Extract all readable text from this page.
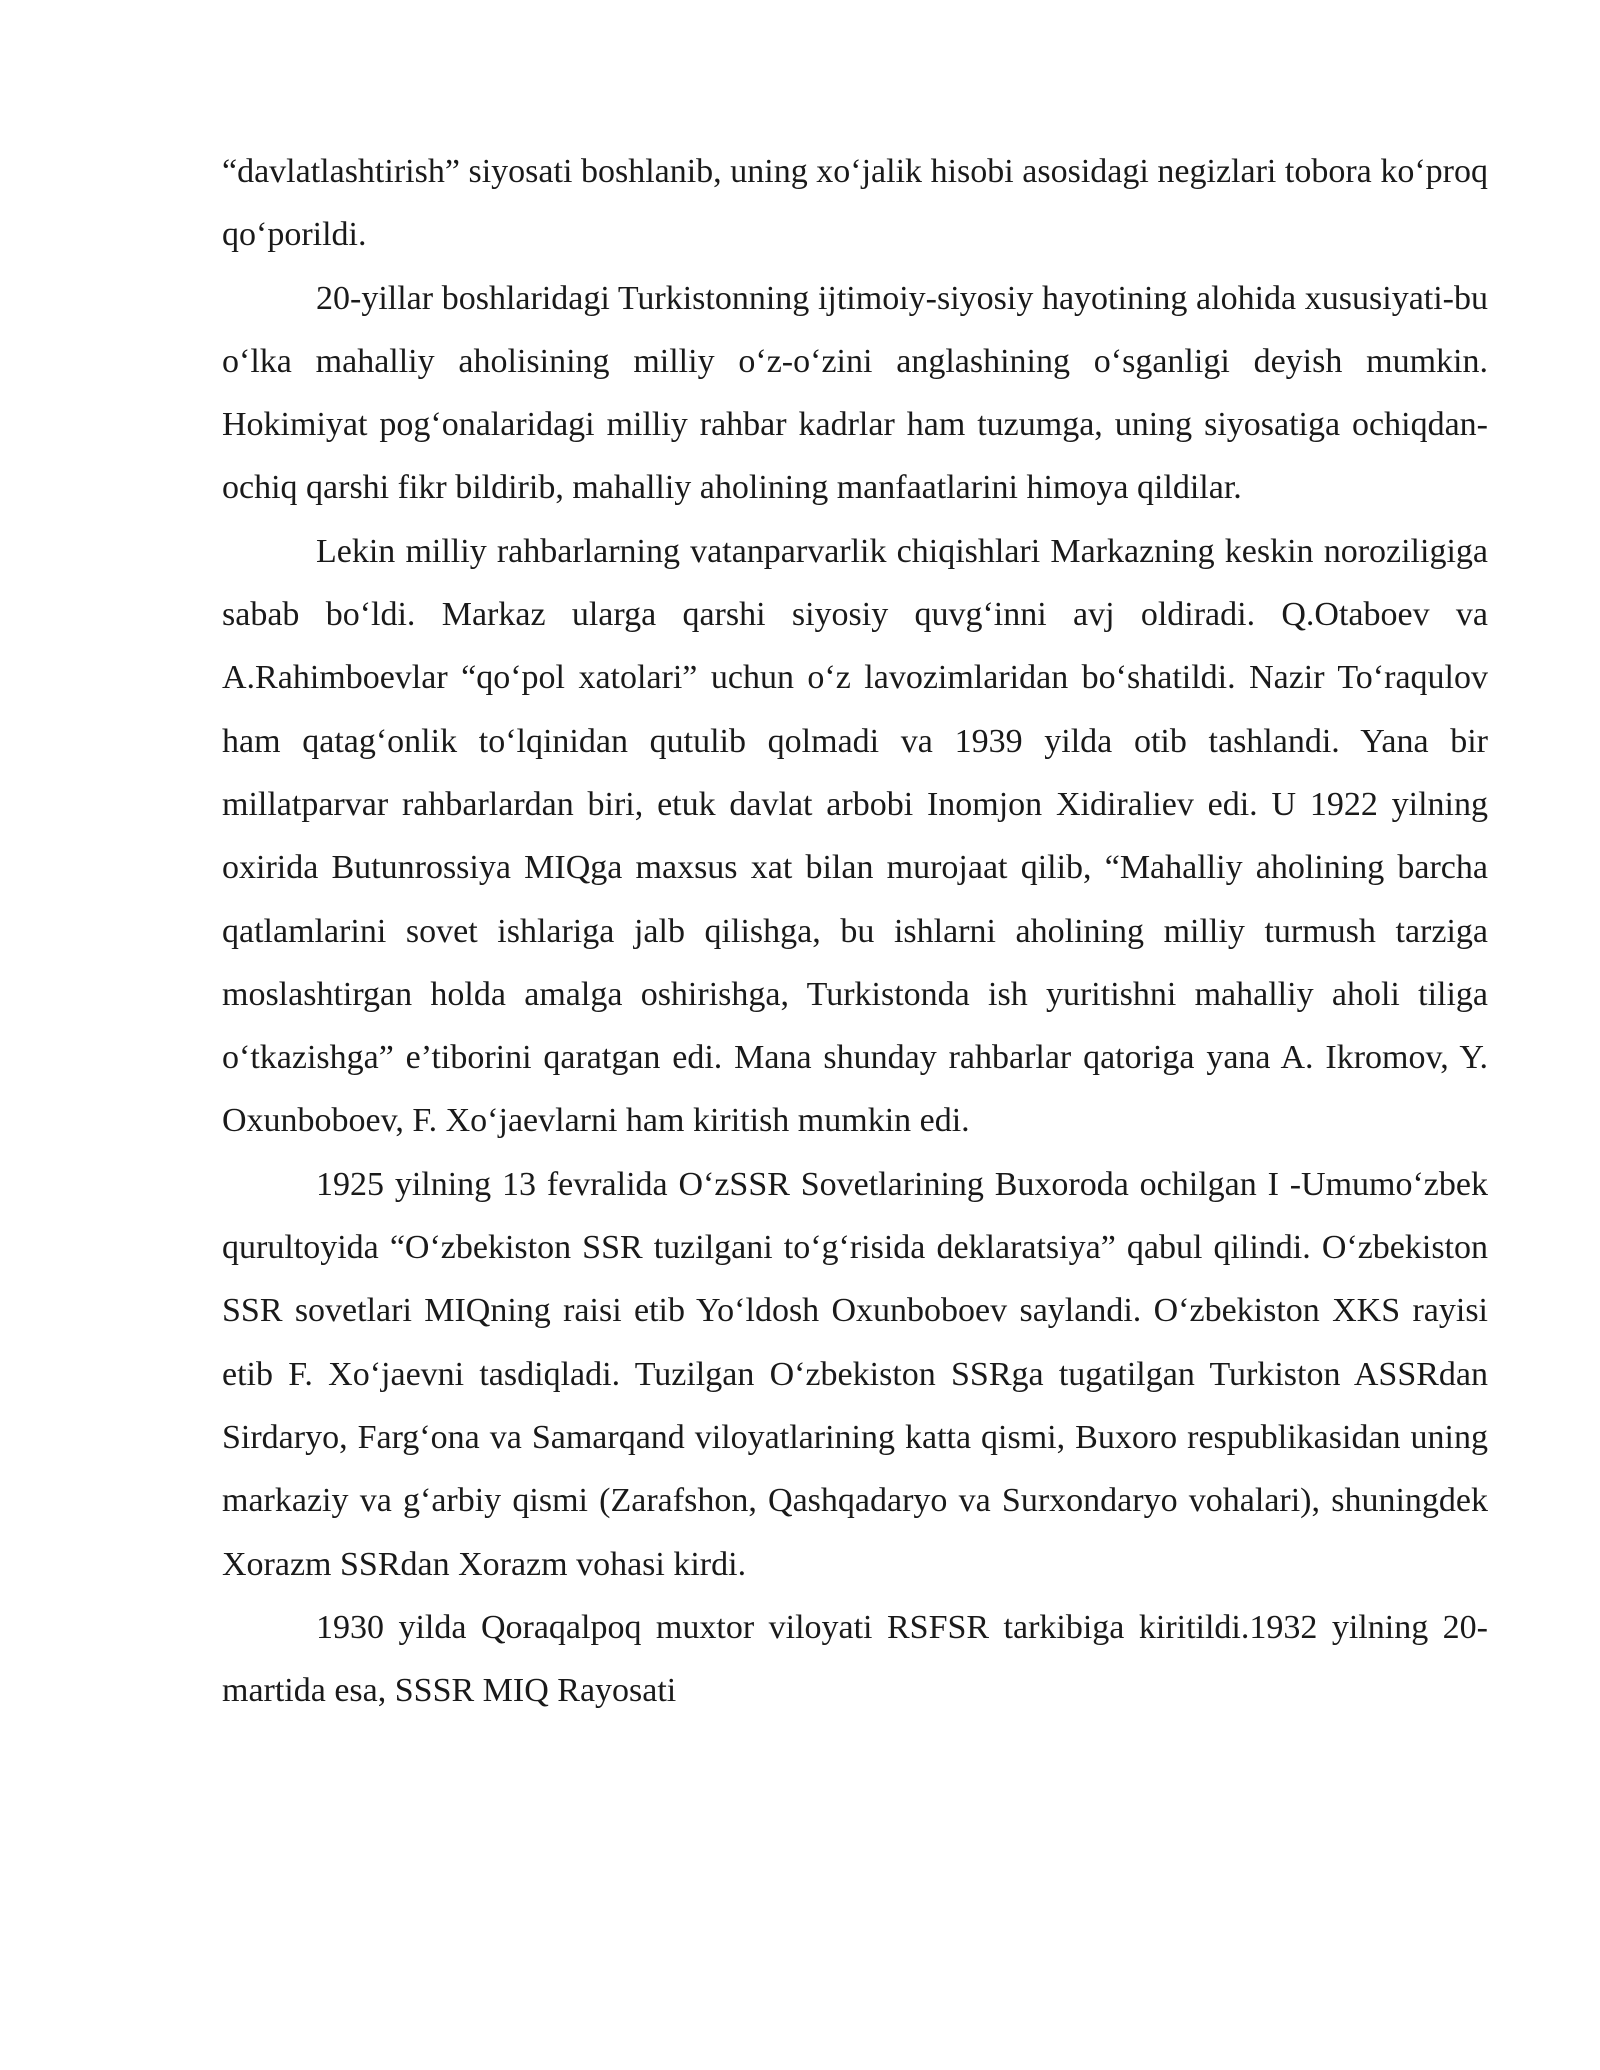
“davlatlashtirish” siyosati boshlanib, uning xoʻjalik hisobi asosidagi negizlari tobora koʻproq qoʻporildi.

20-yillar boshlaridagi Turkistonning ijtimoiy-siyosiy hayotining alohida xususiyati-bu oʻlka mahalliy aholisining milliy oʻz-oʻzini anglashining oʻsganligi deyish mumkin. Hokimiyat pogʻonalaridagi milliy rahbar kadrlar ham tuzumga, uning siyosatiga ochiqdan-ochiq qarshi fikr bildirib, mahalliy aholining manfaatlarini himoya qildilar.

Lekin milliy rahbarlarning vatanparvarlik chiqishlari Markazning keskin noroziligiga sabab boʻldi. Markaz ularga qarshi siyosiy quvgʻinni avj oldiradi. Q.Otaboev va A.Rahimboevlar “qoʻpol xatolari” uchun oʻz lavozimlaridan boʻshatildi. Nazir Toʻraqulov ham qatagʻonlik toʻlqinidan qutulib qolmadi va 1939 yilda otib tashlandi. Yana bir millatparvar rahbarlardan biri, etuk davlat arbobi Inomjon Xidiraliev edi. U 1922 yilning oxirida Butunrossiya MIQga maxsus xat bilan murojaat qilib, “Mahalliy aholining barcha qatlamlarini sovet ishlariga jalb qilishga, bu ishlarni aholining milliy turmush tarziga moslashtirgan holda amalga oshirishga, Turkistonda ish yuritishni mahalliy aholi tiliga oʻtkazishga” e’tiborini qaratgan edi. Mana shunday rahbarlar qatoriga yana A. Ikromov, Y. Oxunboboev, F. Xoʻjaevlarni ham kiritish mumkin edi.

1925 yilning 13 fevralida OʻzSSR Sovetlarining Buxoroda ochilgan I -Umumoʻzbek qurultoyida “Oʻzbekiston SSR tuzilgani toʻgʻrisida deklaratsiya” qabul qilindi. Oʻzbekiston SSR sovetlari MIQning raisi etib Yoʻldosh Oxunboboev saylandi. Oʻzbekiston XKS rayisi etib F. Xoʻjaevni tasdiqladi. Tuzilgan Oʻzbekiston SSRga tugatilgan Turkiston ASSRdan Sirdaryo, Fargʻona va Samarqand viloyatlarining katta qismi, Buxoro respublikasidan uning markaziy va gʻarbiy qismi (Zarafshon, Qashqadaryo va Surxondaryo vohalari), shuningdek Xorazm SSRdan Xorazm vohasi kirdi.

1930 yilda Qoraqalpoq muxtor viloyati RSFSR tarkibiga kiritildi.1932 yilning 20-martida esa, SSSR MIQ Rayosati
